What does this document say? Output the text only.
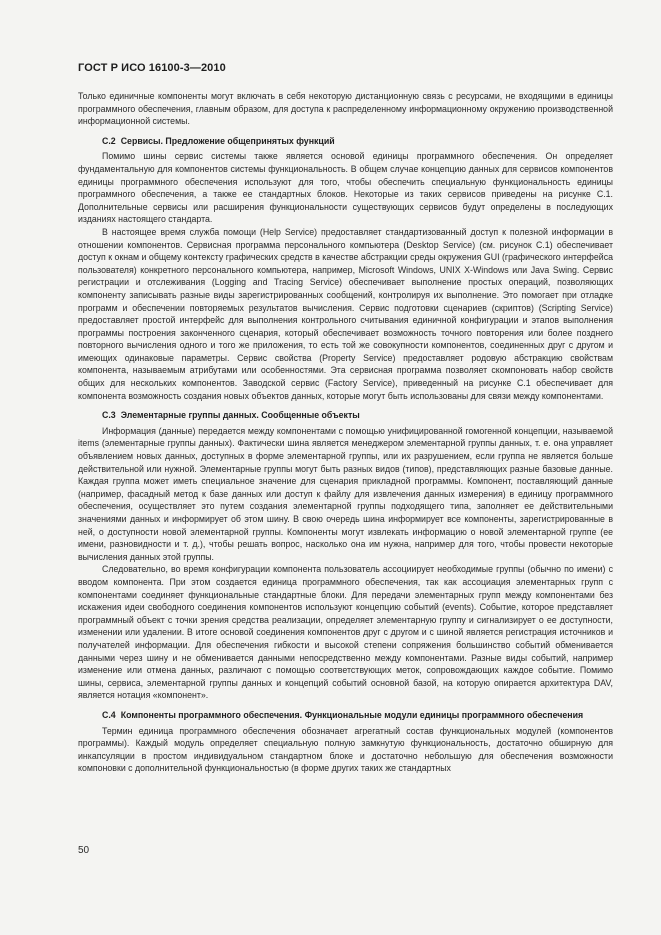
ГОСТ Р ИСО 16100-3—2010

Только единичные компоненты могут включать в себя некоторую дистанционную связь с ресурсами, не входящими в единицы программного обеспечения, главным образом, для доступа к распределенному информационному окружению производственной информационной системы.

С.2 Сервисы. Предложение общепринятых функций

Помимо шины сервис системы также является основой единицы программного обеспечения. Он определяет фундаментальную для компонентов системы функциональность. В общем случае концепцию данных для сервисов компонентов единицы программного обеспечения используют для того, чтобы обеспечить специальную функциональность единицы программного обеспечения, а также ее стандартных блоков. Некоторые из таких сервисов приведены на рисунке С.1. Дополнительные сервисы или расширения функциональности существующих сервисов будут определены в последующих изданиях настоящего стандарта.

В настоящее время служба помощи (Help Service) предоставляет стандартизованный доступ к полезной информации в отношении компонентов. Сервисная программа персонального компьютера (Desktop Service) (см. рисунок С.1) обеспечивает доступ к окнам и общему контексту графических средств в качестве абстракции среды окружения GUI (графического интерфейса пользователя) конкретного персонального компьютера, например, Microsoft Windows, UNIX X-Windows или Java Swing. Сервис регистрации и отслеживания (Logging and Tracing Service) обеспечивает выполнение простых операций, позволяющих компоненту записывать разные виды зарегистрированных сообщений, контролируя их выполнение. Это помогает при отладке программ и обеспечении повторяемых результатов вычисления. Сервис подготовки сценариев (скриптов) (Scripting Service) предоставляет простой интерфейс для выполнения контрольного считывания единичной конфигурации и этапов выполнения программы построения законченного сценария, который обеспечивает возможность точного повторения или более позднего повторного вычисления одного и того же приложения, то есть той же совокупности компонентов, соединенных друг с другом и имеющих одинаковые параметры. Сервис свойства (Property Service) предоставляет родовую абстракцию свойствам компонента, называемым атрибутами или особенностями. Эта сервисная программа позволяет скомпоновать набор свойств общих для нескольких компонентов. Заводской сервис (Factory Service), приведенный на рисунке С.1 обеспечивает для компонента возможность создания новых объектов данных, которые могут быть использованы для связи между компонентами.

С.3 Элементарные группы данных. Сообщенные объекты

Информация (данные) передается между компонентами с помощью унифицированной гомогенной концепции, называемой items (элементарные группы данных). Фактически шина является менеджером элементарной группы данных, т. е. она управляет объявлением новых данных, доступных в форме элементарной группы, или их разрушением, если группа не является больше действительной или нужной. Элементарные группы могут быть разных видов (типов), представляющих разные базовые данные. Каждая группа может иметь специальное значение для сценария прикладной программы. Компонент, поставляющий данные (например, фасадный метод к базе данных или доступ к файлу для извлечения данных измерения) в единицу программного обеспечения, осуществляет это путем создания элементарной группы подходящего типа, заполняет ее действительными значениями данных и информирует об этом шину. В свою очередь шина информирует все компоненты, зарегистрированные в ней, о доступности новой элементарной группы. Компоненты могут извлекать информацию о новой элементарной группе (ее имени, разновидности и т. д.), чтобы решать вопрос, насколько она им нужна, например для того, чтобы провести некоторые вычисления данных этой группы.

Следовательно, во время конфигурации компонента пользователь ассоциирует необходимые группы (обычно по имени) с вводом компонента. При этом создается единица программного обеспечения, так как ассоциация элементарных групп с компонентами соединяет функциональные стандартные блоки. Для передачи элементарных групп между компонентами без искажения идеи свободного соединения компонентов используют концепцию событий (events). Событие, которое представляет программный объект с точки зрения средства реализации, определяет элементарную группу и сигнализирует о ее доступности, изменении или удалении. В итоге основой соединения компонентов друг с другом и с шиной является регистрация источников и получателей информации. Для обеспечения гибкости и высокой степени сопряжения большинство событий обменивается данными через шину и не обменивается данными непосредственно между компонентами. Разные виды событий, например изменение или отмена данных, различают с помощью соответствующих меток, сопровождающих каждое событие. Помимо шины, сервиса, элементарной группы данных и концепций событий основной базой, на которую опирается архитектура DAV, является нотация «компонент».

С.4 Компоненты программного обеспечения. Функциональные модули единицы программного обеспечения

Термин единица программного обеспечения обозначает агрегатный состав функциональных модулей (компонентов программы). Каждый модуль определяет специальную полную замкнутую функциональность, достаточно обширную для инкапсуляции в простом индивидуальном стандартном блоке и достаточно небольшую для обеспечения возможности компоновки с дополнительной функциональностью (в форме других таких же стандартных

50
